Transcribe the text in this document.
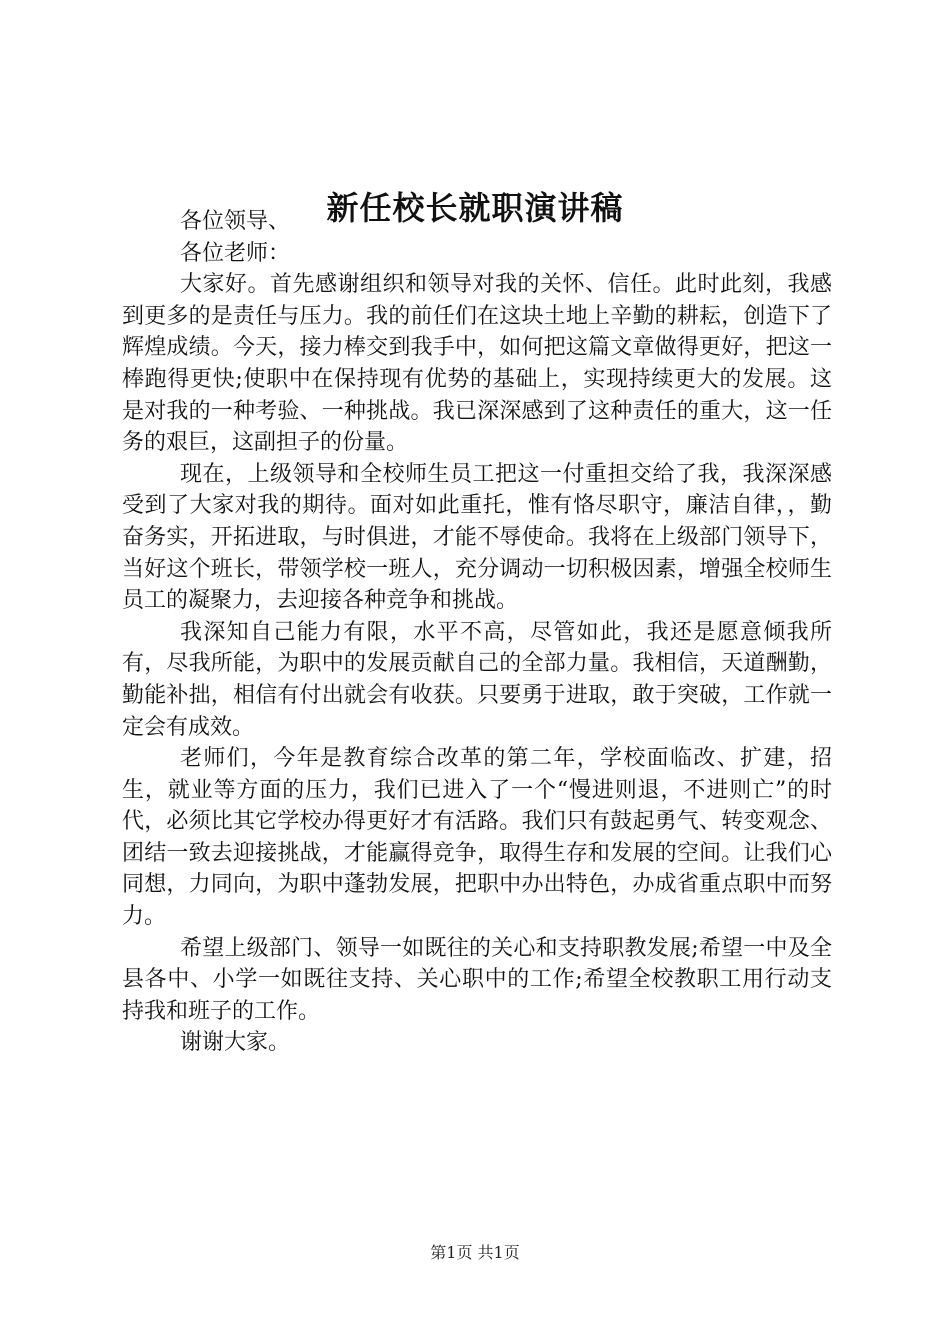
新任校长就职演讲稿

各位领导、

各位老师：

大家好。首先感谢组织和领导对我的关怀、信任。此时此刻，我感到更多的是责任与压力。我的前任们在这块土地上辛勤的耕耘，创造下了辉煌成绩。今天，接力棒交到我手中，如何把这篇文章做得更好，把这一棒跑得更快;使职中在保持现有优势的基础上，实现持续更大的发展。这是对我的一种考验、一种挑战。我已深深感到了这种责任的重大，这一任务的艰巨，这副担子的份量。

现在，上级领导和全校师生员工把这一付重担交给了我，我深深感受到了大家对我的期待。面对如此重托，惟有恪尽职守，廉洁自律，，勤奋务实，开拓进取，与时俱进，才能不辱使命。我将在上级部门领导下，当好这个班长，带领学校一班人，充分调动一切积极因素，增强全校师生员工的凝聚力，去迎接各种竞争和挑战。

我深知自己能力有限，水平不高，尽管如此，我还是愿意倾我所有，尽我所能，为职中的发展贡献自己的全部力量。我相信，天道酬勤，勤能补拙，相信有付出就会有收获。只要勇于进取，敢于突破，工作就一定会有成效。

老师们，今年是教育综合改革的第二年，学校面临改、扩建，招生，就业等方面的压力，我们已进入了一个“慢进则退，不进则亡”的时代，必须比其它学校办得更好才有活路。我们只有鼓起勇气、转变观念、团结一致去迎接挑战，才能赢得竞争，取得生存和发展的空间。让我们心同想，力同向，为职中蓬勃发展，把职中办出特色，办成省重点职中而努力。

希望上级部门、领导一如既往的关心和支持职教发展;希望一中及全县各中、小学一如既往支持、关心职中的工作;希望全校教职工用行动支持我和班子的工作。

谢谢大家。

第1页 共1页
